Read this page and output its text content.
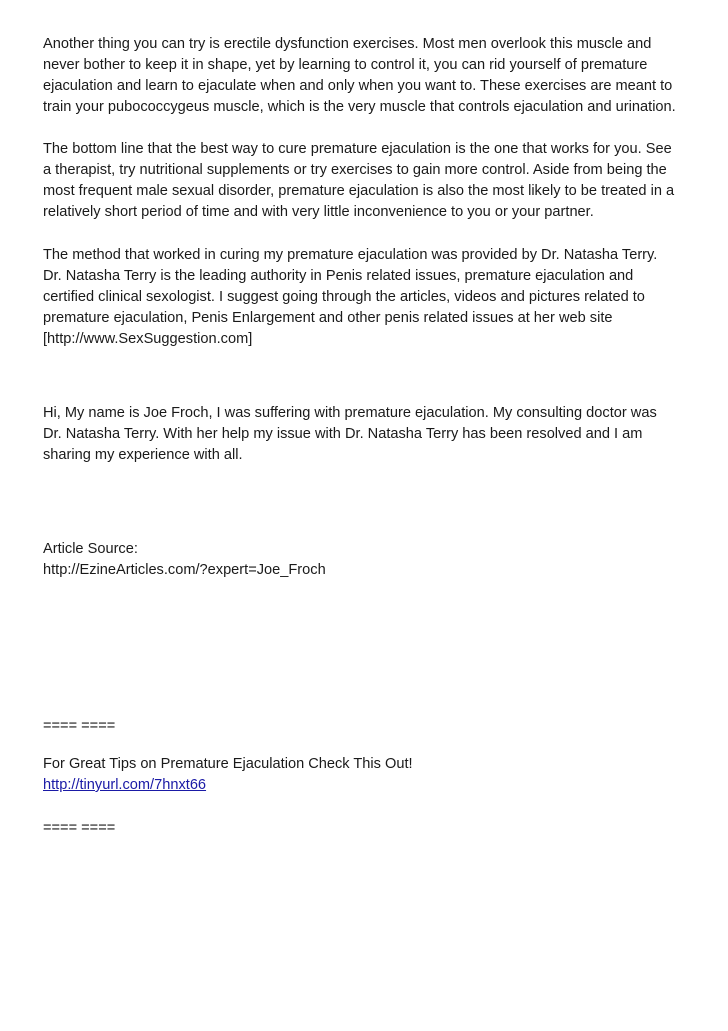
Another thing you can try is erectile dysfunction exercises. Most men overlook this muscle and
never bother to keep it in shape, yet by learning to control it, you can rid yourself of premature
ejaculation and learn to ejaculate when and only when you want to. These exercises are meant to
train your pubococcygeus muscle, which is the very muscle that controls ejaculation and urination.
The bottom line that the best way to cure premature ejaculation is the one that works for you. See
a therapist, try nutritional supplements or try exercises to gain more control. Aside from being the
most frequent male sexual disorder, premature ejaculation is also the most likely to be treated in a
relatively short period of time and with very little inconvenience to you or your partner.
The method that worked in curing my premature ejaculation was provided by Dr. Natasha Terry.
Dr. Natasha Terry is the leading authority in Penis related issues, premature ejaculation and
certified clinical sexologist. I suggest going through the articles, videos and pictures related to
premature ejaculation, Penis Enlargement and other penis related issues at her web site
[http://www.SexSuggestion.com]
Hi, My name is Joe Froch, I was suffering with premature ejaculation. My consulting doctor was
Dr. Natasha Terry. With her help my issue with Dr. Natasha Terry has been resolved and I am
sharing my experience with all.
Article Source:
http://EzineArticles.com/?expert=Joe_Froch
==== ====
For Great Tips on Premature Ejaculation Check This Out!
http://tinyurl.com/7hnxt66
==== ====
